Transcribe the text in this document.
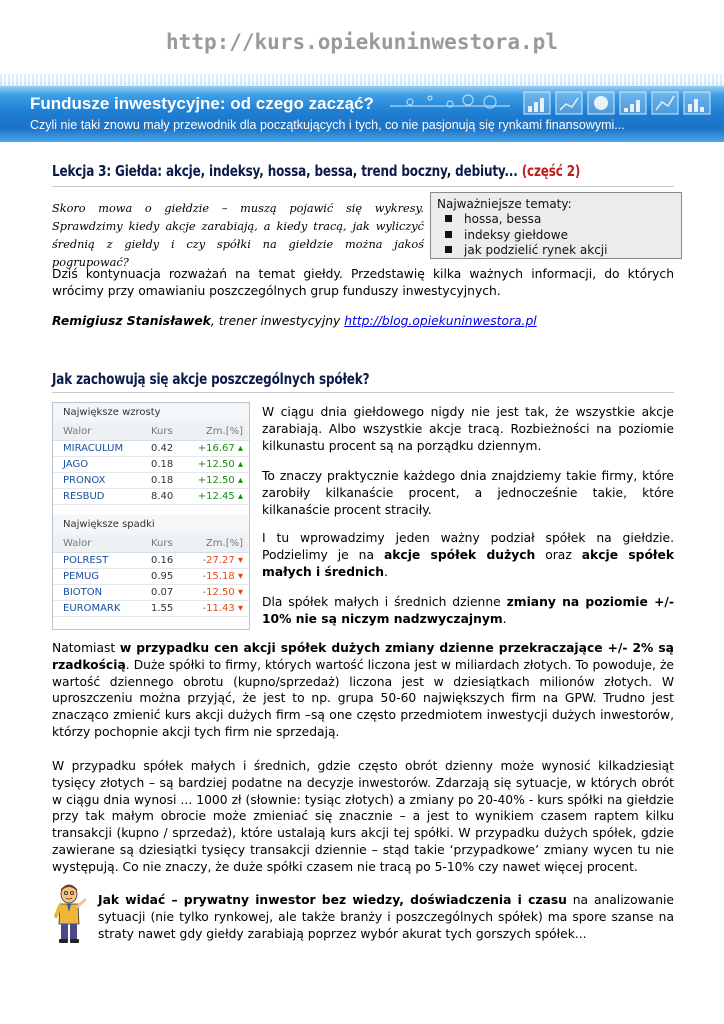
http://kurs.opiekuninwestora.pl
Fundusze inwestycyjne: od czego zacząć?
Czyli nie taki znowu mały przewodnik dla początkujących i tych, co nie pasjonują się rynkami finansowymi...
Lekcja 3: Giełda: akcje, indeksy, hossa, bessa, trend boczny, debiuty... (część 2)
Skoro mowa o giełdzie – muszą pojawić się wykresy. Sprawdzimy kiedy akcje zarabiają, a kiedy tracą, jak wyliczyć średnią z giełdy i czy spółki na giełdzie można jakoś pogrupować?
Najważniejsze tematy:
hossa, bessa
indeksy giełdowe
jak podzielić rynek akcji
Dziś kontynuacja rozważań na temat giełdy. Przedstawię kilka ważnych informacji, do których wrócimy przy omawianiu poszczególnych grup funduszy inwestycyjnych.
Remigiusz Stanisławek, trener inwestycyjny http://blog.opiekuninwestora.pl
Jak zachowują się akcje poszczególnych spółek?
Największe wzrosty
Walor	Kurs	Zm.[%]
MIRACULUM	0.42	+16.67 ▴
JAGO	0.18	+12.50 ▴
PRONOX	0.18	+12.50 ▴
RESBUD	8.40	+12.45 ▴
Największe spadki
Walor	Kurs	Zm.[%]
POLREST	0.16	-27.27 ▾
PEMUG	0.95	-15.18 ▾
BIOTON	0.07	-12.50 ▾
EUROMARK	1.55	-11.43 ▾
W ciągu dnia giełdowego nigdy nie jest tak, że wszystkie akcje zarabiają. Albo wszystkie akcje tracą. Rozbieżności na poziomie kilkunastu procent są na porządku dziennym.
To znaczy praktycznie każdego dnia znajdziemy takie firmy, które zarobiły kilkanaście procent, a jednocześnie takie, które kilkanaście procent straciły.
I tu wprowadzimy jeden ważny podział spółek na giełdzie. Podzielimy je na akcje spółek dużych oraz akcje spółek małych i średnich.
Dla spółek małych i średnich dzienne zmiany na poziomie +/- 10% nie są niczym nadzwyczajnym.
Natomiast w przypadku cen akcji spółek dużych zmiany dzienne przekraczające +/- 2% są rzadkością. Duże spółki to firmy, których wartość liczona jest w miliardach złotych. To powoduje, że wartość dziennego obrotu (kupno/sprzedaż) liczona jest w dziesiątkach milionów złotych. W uproszczeniu można przyjąć, że jest to np. grupa 50-60 największych firm na GPW. Trudno jest znacząco zmienić kurs akcji dużych firm –są one często przedmiotem inwestycji dużych inwestorów, którzy pochopnie akcji tych firm nie sprzedają.
W przypadku spółek małych i średnich, gdzie często obrót dzienny może wynosić kilkadziesiąt tysięcy złotych – są bardziej podatne na decyzje inwestorów. Zdarzają się sytuacje, w których obrót w ciągu dnia wynosi ... 1000 zł (słownie: tysiąc złotych) a zmiany po 20-40% - kurs spółki na giełdzie przy tak małym obrocie może zmieniać się znacznie – a jest to wynikiem czasem raptem kilku transakcji (kupno / sprzedaż), które ustalają kurs akcji tej spółki. W przypadku dużych spółek, gdzie zawierane są dziesiątki tysięcy transakcji dziennie – stąd takie ‘przypadkowe’ zmiany wycen tu nie występują. Co nie znaczy, że duże spółki czasem nie tracą po 5-10% czy nawet więcej procent.
Jak widać – prywatny inwestor bez wiedzy, doświadczenia i czasu na analizowanie sytuacji (nie tylko rynkowej, ale także branży i poszczególnych spółek) ma spore szanse na straty nawet gdy giełdy zarabiają poprzez wybór akurat tych gorszych spółek...
